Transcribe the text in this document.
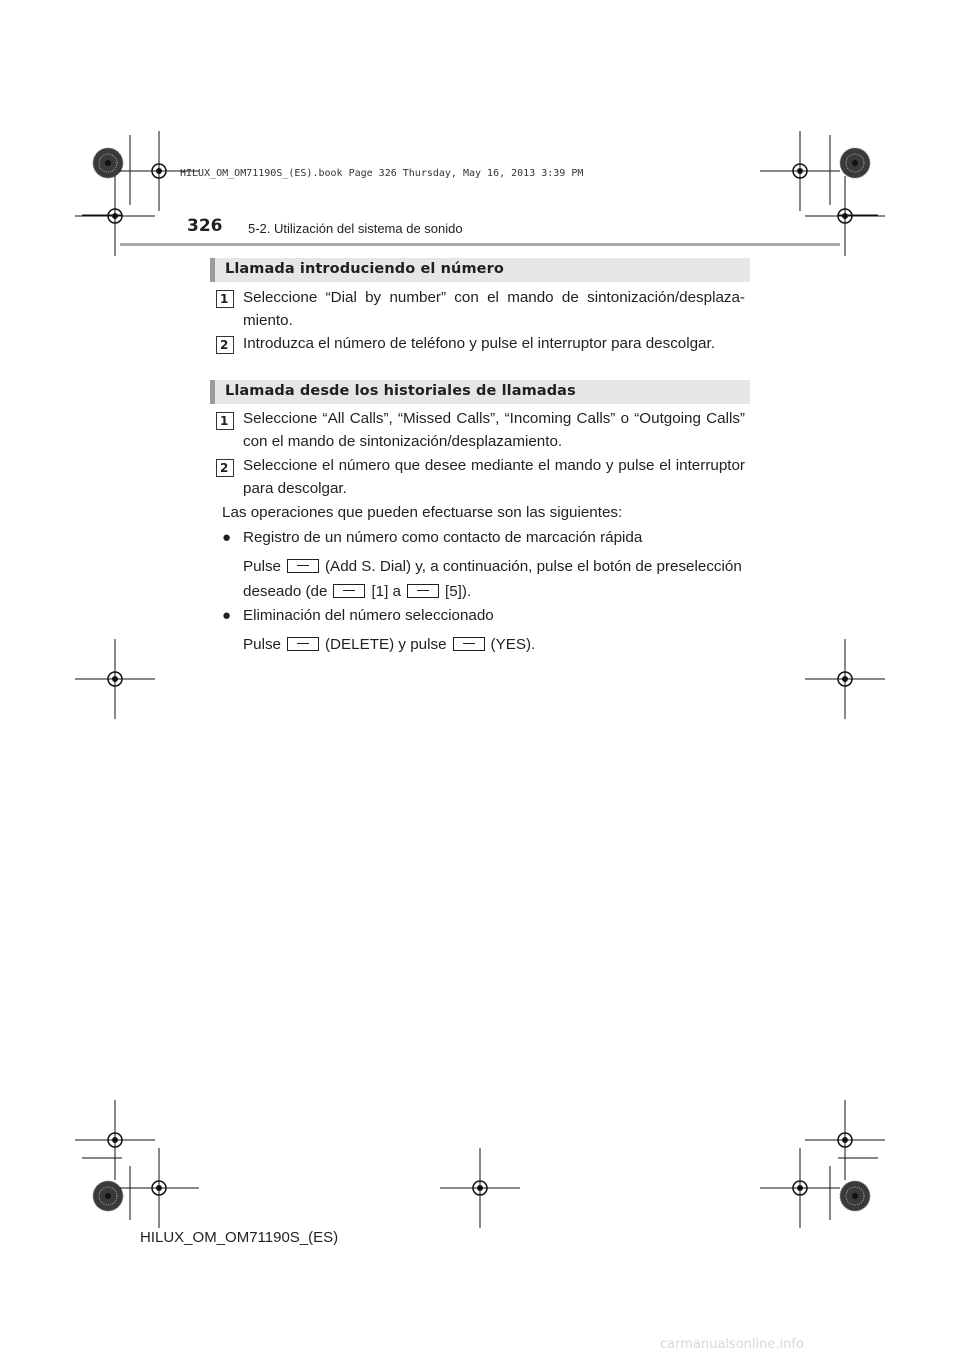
HILUX_OM_OM71190S_(ES).book Page 326 Thursday, May 16, 2013 3:39 PM
326 5-2. Utilización del sistema de sonido
Llamada introduciendo el número
1 Seleccione “Dial by number” con el mando de sintonización/desplaza-miento.
2 Introduzca el número de teléfono y pulse el interruptor para descolgar.
Llamada desde los historiales de llamadas
1 Seleccione “All Calls”, “Missed Calls”, “Incoming Calls” o “Outgoing Calls” con el mando de sintonización/desplazamiento.
2 Seleccione el número que desee mediante el mando y pulse el interruptor para descolgar.
Las operaciones que pueden efectuarse son las siguientes:
● Registro de un número como contacto de marcación rápida
Pulse	(Add S. Dial) y, a continuación, pulse el botón de preselección
deseado (de	[1] a	[5]).
● Eliminación del número seleccionado
Pulse	(DELETE) y pulse	(YES).
HILUX_OM_OM71190S_(ES)
carmanualsonline.info
